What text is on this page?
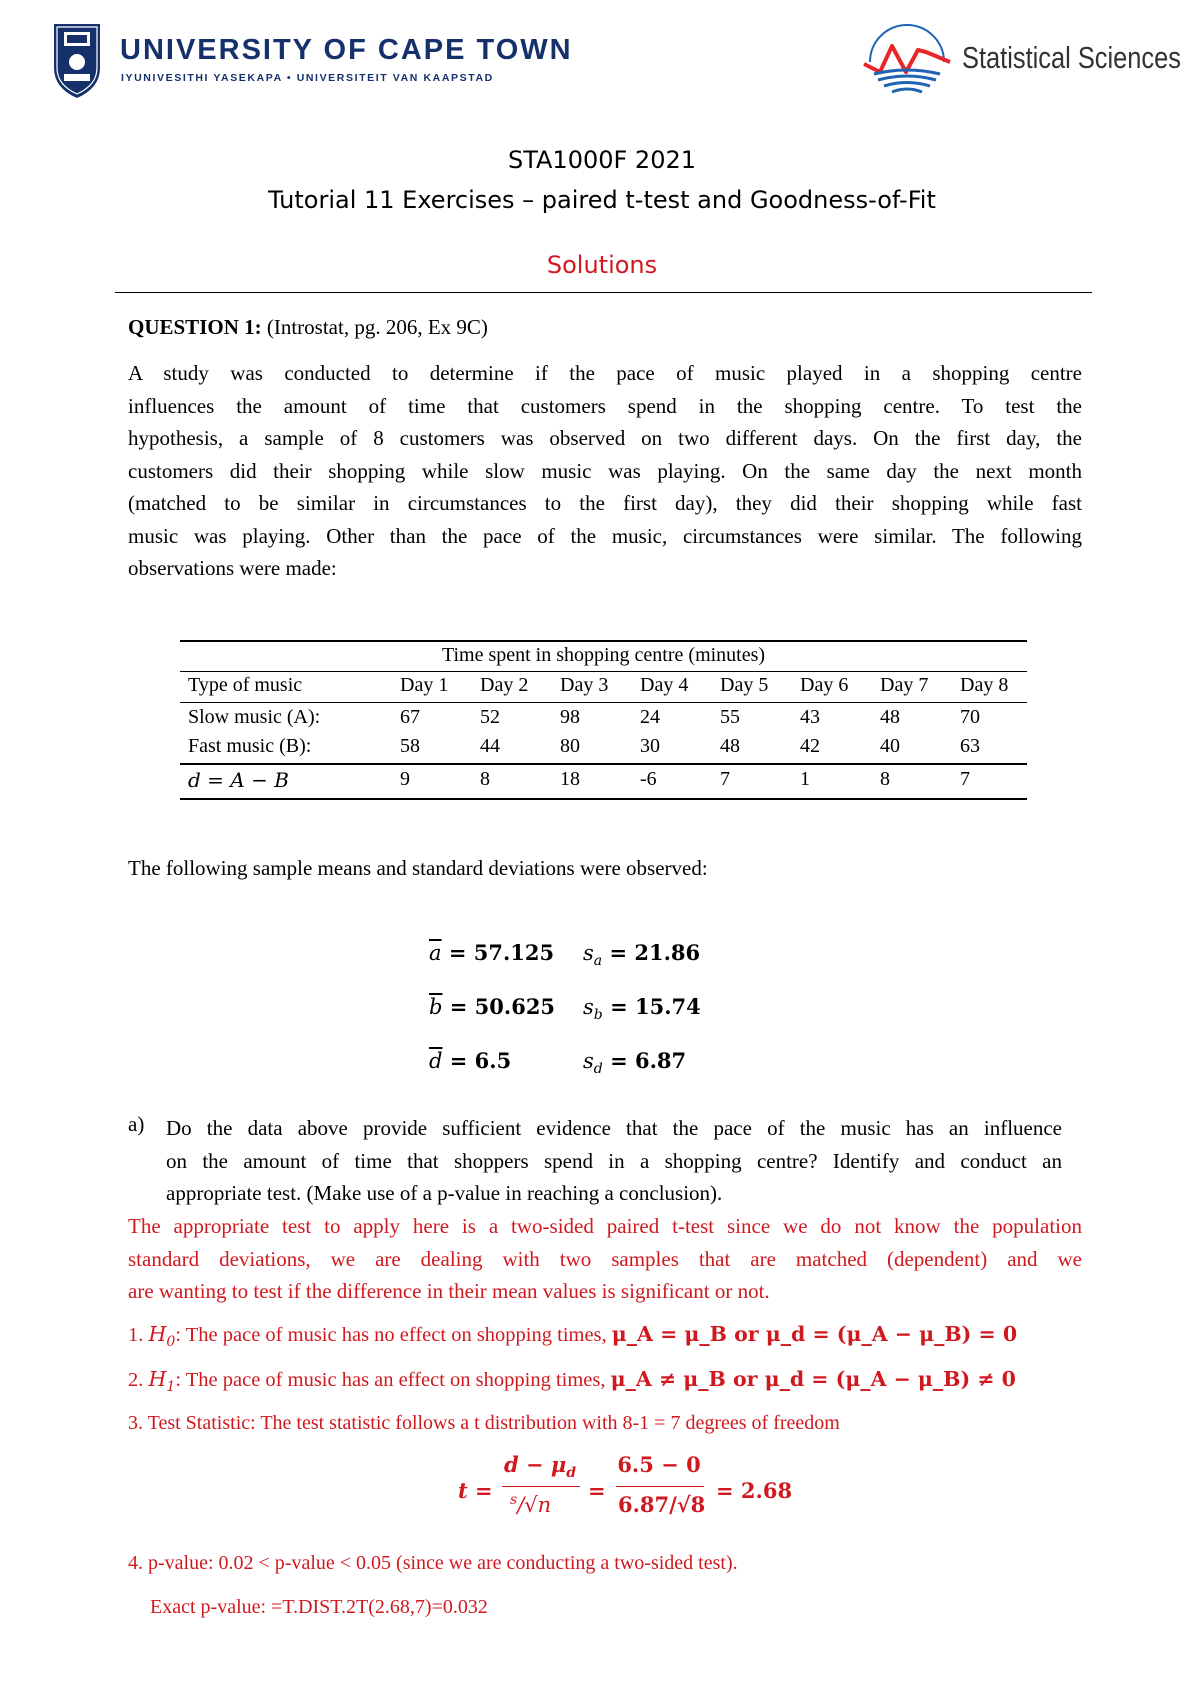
UNIVERSITY OF CAPE TOWN
IYUNIVESITHI YASEKAPA • UNIVERSITEIT VAN KAAPSTAD
Statistical Sciences
STA1000F 2021
Tutorial 11 Exercises – paired t-test and Goodness-of-Fit
Solutions
QUESTION 1: (Introstat, pg. 206, Ex 9C)
A study was conducted to determine if the pace of music played in a shopping centre
influences the amount of time that customers spend in the shopping centre. To test the
hypothesis, a sample of 8 customers was observed on two different days. On the first day, the
customers did their shopping while slow music was playing. On the same day the next month
(matched to be similar in circumstances to the first day), they did their shopping while fast
music was playing. Other than the pace of the music, circumstances were similar. The following
observations were made:
Time spent in shopping centre (minutes)
Type of music	Day 1 Day 2 Day 3 Day 4 Day 5 Day 6 Day 7 Day 8
Slow music (A):	67	52	98	24	55	43	48	70
Fast music (B):	58	44	80	30	48	42	40	63
d = A − B	9	8	18	-6	7	1	8	7
The following sample means and standard deviations were observed:
$\overline{a} = 57.125$ $s_a = 21.86$
$\overline{b} = 50.625$ $s_b = 15.74$
$\overline{d} = 6.5$	$s_d = 6.87$
a) Do the data above provide sufficient evidence that the pace of the music has an influence
on the amount of time that shoppers spend in a shopping centre? Identify and conduct an
appropriate test. (Make use of a p-value in reaching a conclusion).
The appropriate test to apply here is a two-sided paired t-test since we do not know the population
standard deviations, we are dealing with two samples that are matched (dependent) and we
are wanting to test if the difference in their mean values is significant or not.
1. $H_0$: The pace of music has no effect on shopping times, μ_A = μ_B or μ_d = (μ_A − μ_B) = 0
2. $H_1$: The pace of music has an effect on shopping times, μ_A ≠ μ_B or μ_d = (μ_A − μ_B) ≠ 0
3. Test Statistic: The test statistic follows a t distribution with 8-1 = 7 degrees of freedom
t =
$d - \mu_d$
$^s$/√n
=
6.5 − 0
6.87/√8
= 2.68
4. p-value: 0.02 < p-value < 0.05 (since we are conducting a two-sided test).
Exact p-value: =T.DIST.2T(2.68,7)=0.032
